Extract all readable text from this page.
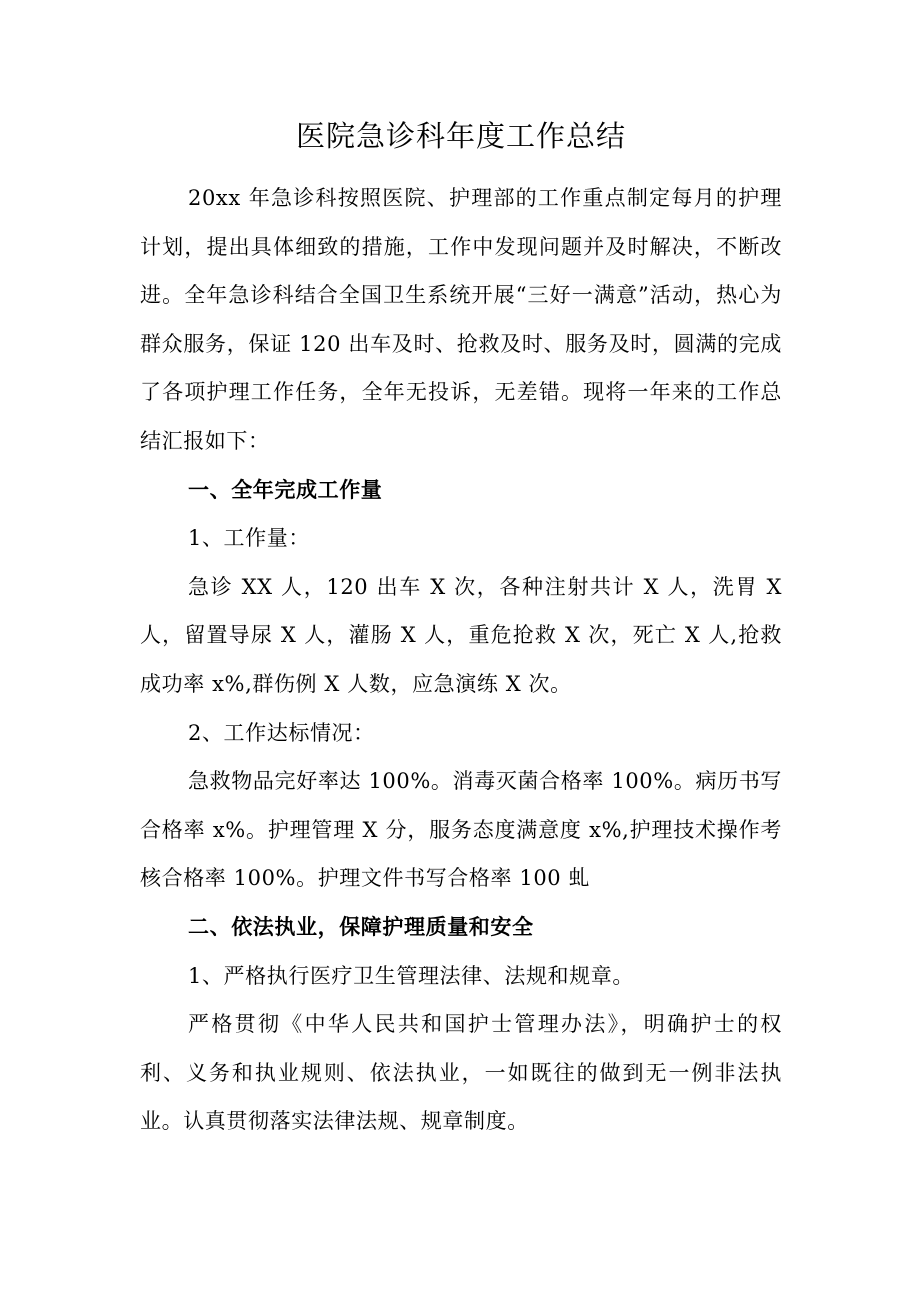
医院急诊科年度工作总结

20xx 年急诊科按照医院、护理部的工作重点制定每月的护理计划，提出具体细致的措施，工作中发现问题并及时解决，不断改进。全年急诊科结合全国卫生系统开展“三好一满意”活动，热心为群众服务，保证 120 出车及时、抢救及时、服务及时，圆满的完成了各项护理工作任务，全年无投诉，无差错。现将一年来的工作总结汇报如下：

一、全年完成工作量

1、工作量：

急诊 XX 人，120 出车 X 次，各种注射共计 X 人，洗胃 X 人，留置导尿 X 人，灌肠 X 人，重危抢救 X 次，死亡 X 人,抢救成功率 x%,群伤例 X 人数，应急演练 X 次。

2、工作达标情况：

急救物品完好率达 100%。消毒灭菌合格率 100%。病历书写合格率 x%。护理管理 X 分，服务态度满意度 x%,护理技术操作考核合格率 100%。护理文件书写合格率 100 虬

二、依法执业，保障护理质量和安全

1、严格执行医疗卫生管理法律、法规和规章。

严格贯彻《中华人民共和国护士管理办法》，明确护士的权利、义务和执业规则、依法执业，一如既往的做到无一例非法执业。认真贯彻落实法律法规、规章制度。
